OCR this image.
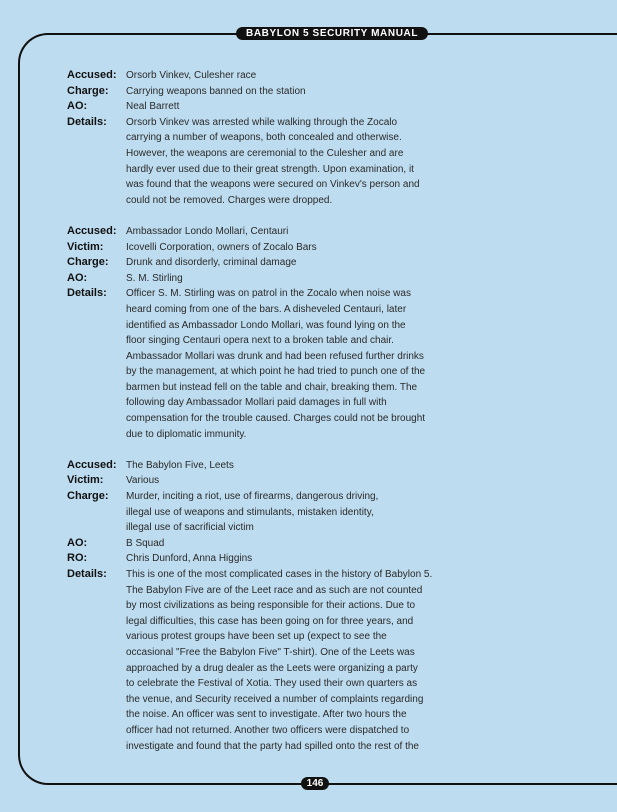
BABYLON 5 SECURITY MANUAL
Accused: Orsorb Vinkev, Culesher race
Charge:	Carrying weapons banned on the station
AO:	Neal Barrett
Details:	Orsorb Vinkev was arrested while walking through the Zocalo
carrying a number of weapons, both concealed and otherwise.
However, the weapons are ceremonial to the Culesher and are
hardly ever used due to their great strength. Upon examination, it
was found that the weapons were secured on Vinkev's person and
could not be removed. Charges were dropped.
Accused: Ambassador Londo Mollari, Centauri
Victim:	Icovelli Corporation, owners of Zocalo Bars
Charge:	Drunk and disorderly, criminal damage
AO:	S. M. Stirling
Details:	Officer S. M. Stirling was on patrol in the Zocalo when noise was
heard coming from one of the bars. A disheveled Centauri, later
identified as Ambassador Londo Mollari, was found lying on the
floor singing Centauri opera next to a broken table and chair.
Ambassador Mollari was drunk and had been refused further drinks
by the management, at which point he had tried to punch one of the
barmen but instead fell on the table and chair, breaking them. The
following day Ambassador Mollari paid damages in full with
compensation for the trouble caused. Charges could not be brought
due to diplomatic immunity.
Accused: The Babylon Five, Leets
Victim:	Various
Charge:	Murder, inciting a riot, use of firearms, dangerous driving,
illegal use of weapons and stimulants, mistaken identity,
illegal use of sacrificial victim
AO:	B Squad
RO:	Chris Dunford, Anna Higgins
Details:	This is one of the most complicated cases in the history of Babylon 5.
The Babylon Five are of the Leet race and as such are not counted
by most civilizations as being responsible for their actions. Due to
legal difficulties, this case has been going on for three years, and
various protest groups have been set up (expect to see the
occasional "Free the Babylon Five" T-shirt). One of the Leets was
approached by a drug dealer as the Leets were organizing a party
to celebrate the Festival of Xotia. They used their own quarters as
the venue, and Security received a number of complaints regarding
the noise. An officer was sent to investigate. After two hours the
officer had not returned. Another two officers were dispatched to
investigate and found that the party had spilled onto the rest of the
146
